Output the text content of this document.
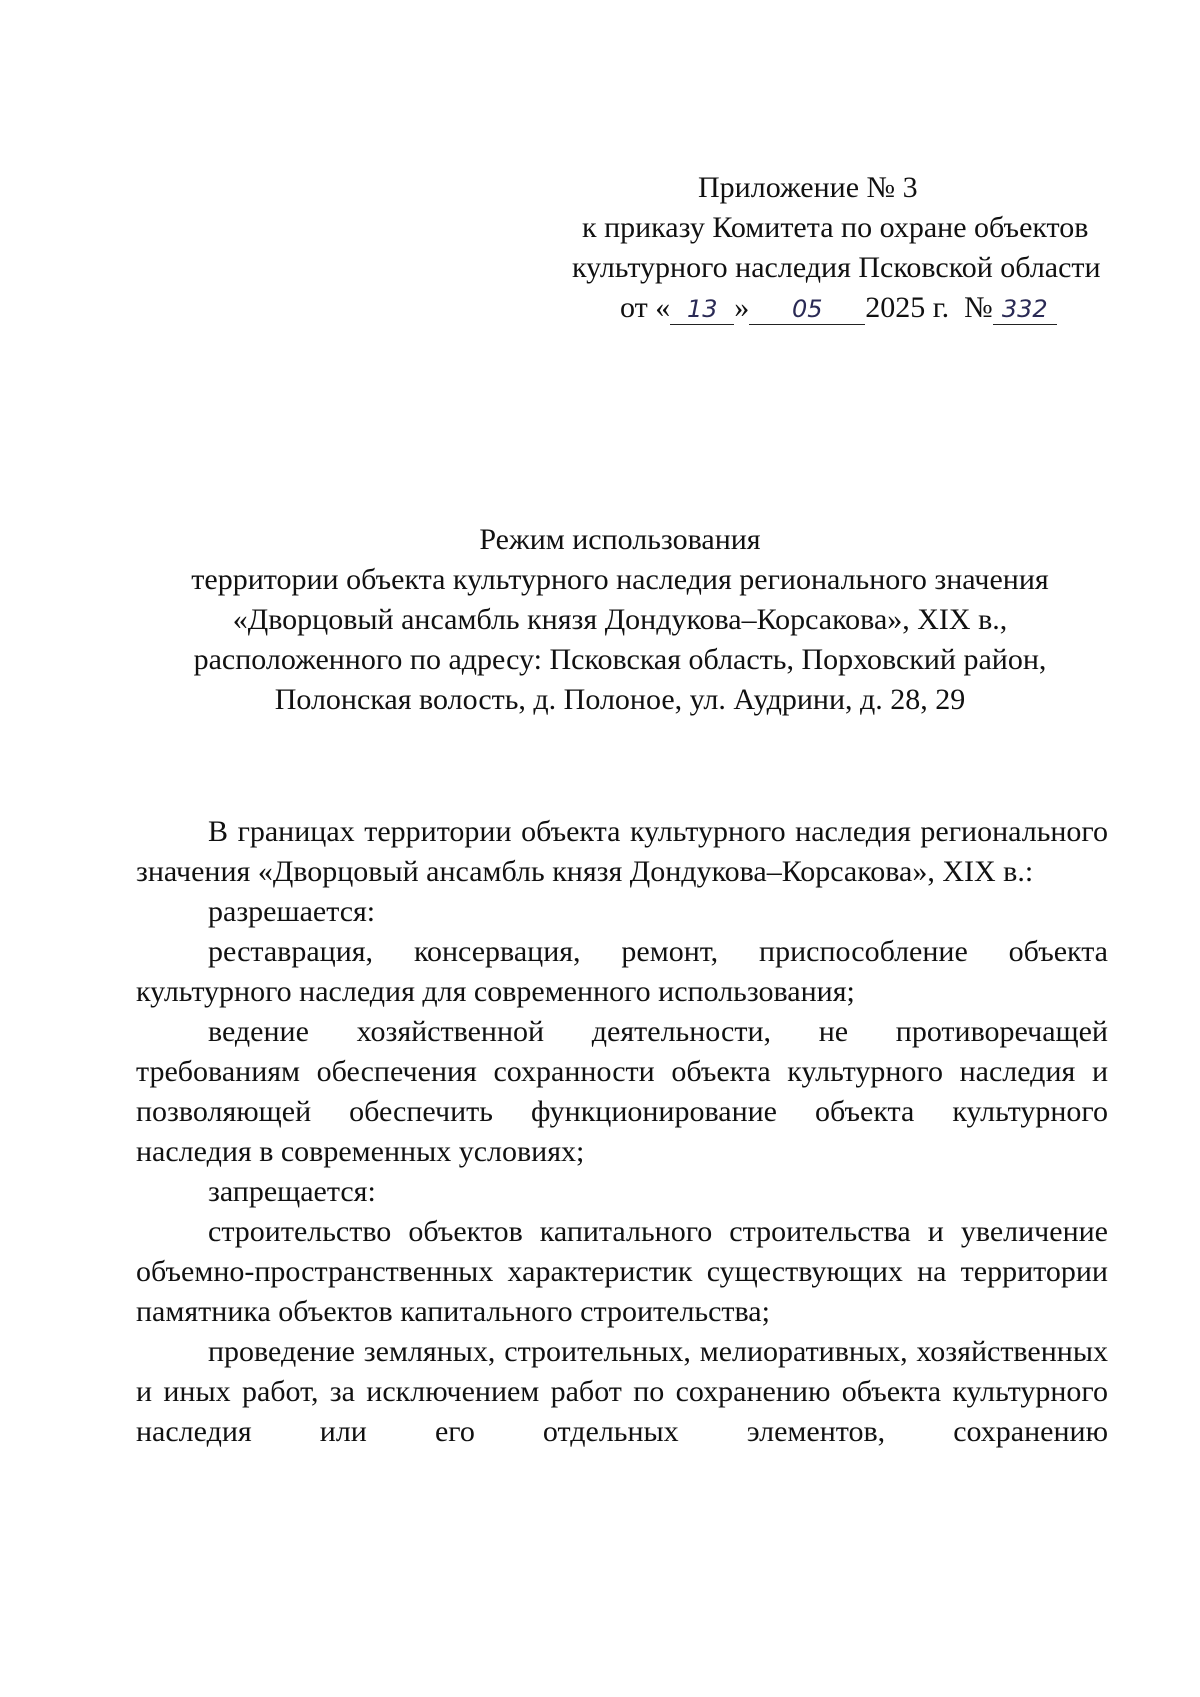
Приложение № 3
к приказу Комитета по охране объектов
культурного наследия Псковской области
от « 13 » 05 2025 г. № 332
Режим использования
территории объекта культурного наследия регионального значения
«Дворцовый ансамбль князя Дондукова–Корсакова», XIX в.,
расположенного по адресу: Псковская область, Порховский район,
Полонская волость, д. Полоное, ул. Аудрини, д. 28, 29

В границах территории объекта культурного наследия регионального значения «Дворцовый ансамбль князя Дондукова–Корсакова», XIX в.:

разрешается:

реставрация, консервация, ремонт, приспособление объекта культурного наследия для современного использования;

ведение хозяйственной деятельности, не противоречащей требованиям обеспечения сохранности объекта культурного наследия и позволяющей обеспечить функционирование объекта культурного наследия в современных условиях;

запрещается:

строительство объектов капитального строительства и увеличение объемно-пространственных характеристик существующих на территории памятника объектов капитального строительства;

проведение земляных, строительных, мелиоративных, хозяйственных и иных работ, за исключением работ по сохранению объекта культурного наследия или его отдельных элементов, сохранению
